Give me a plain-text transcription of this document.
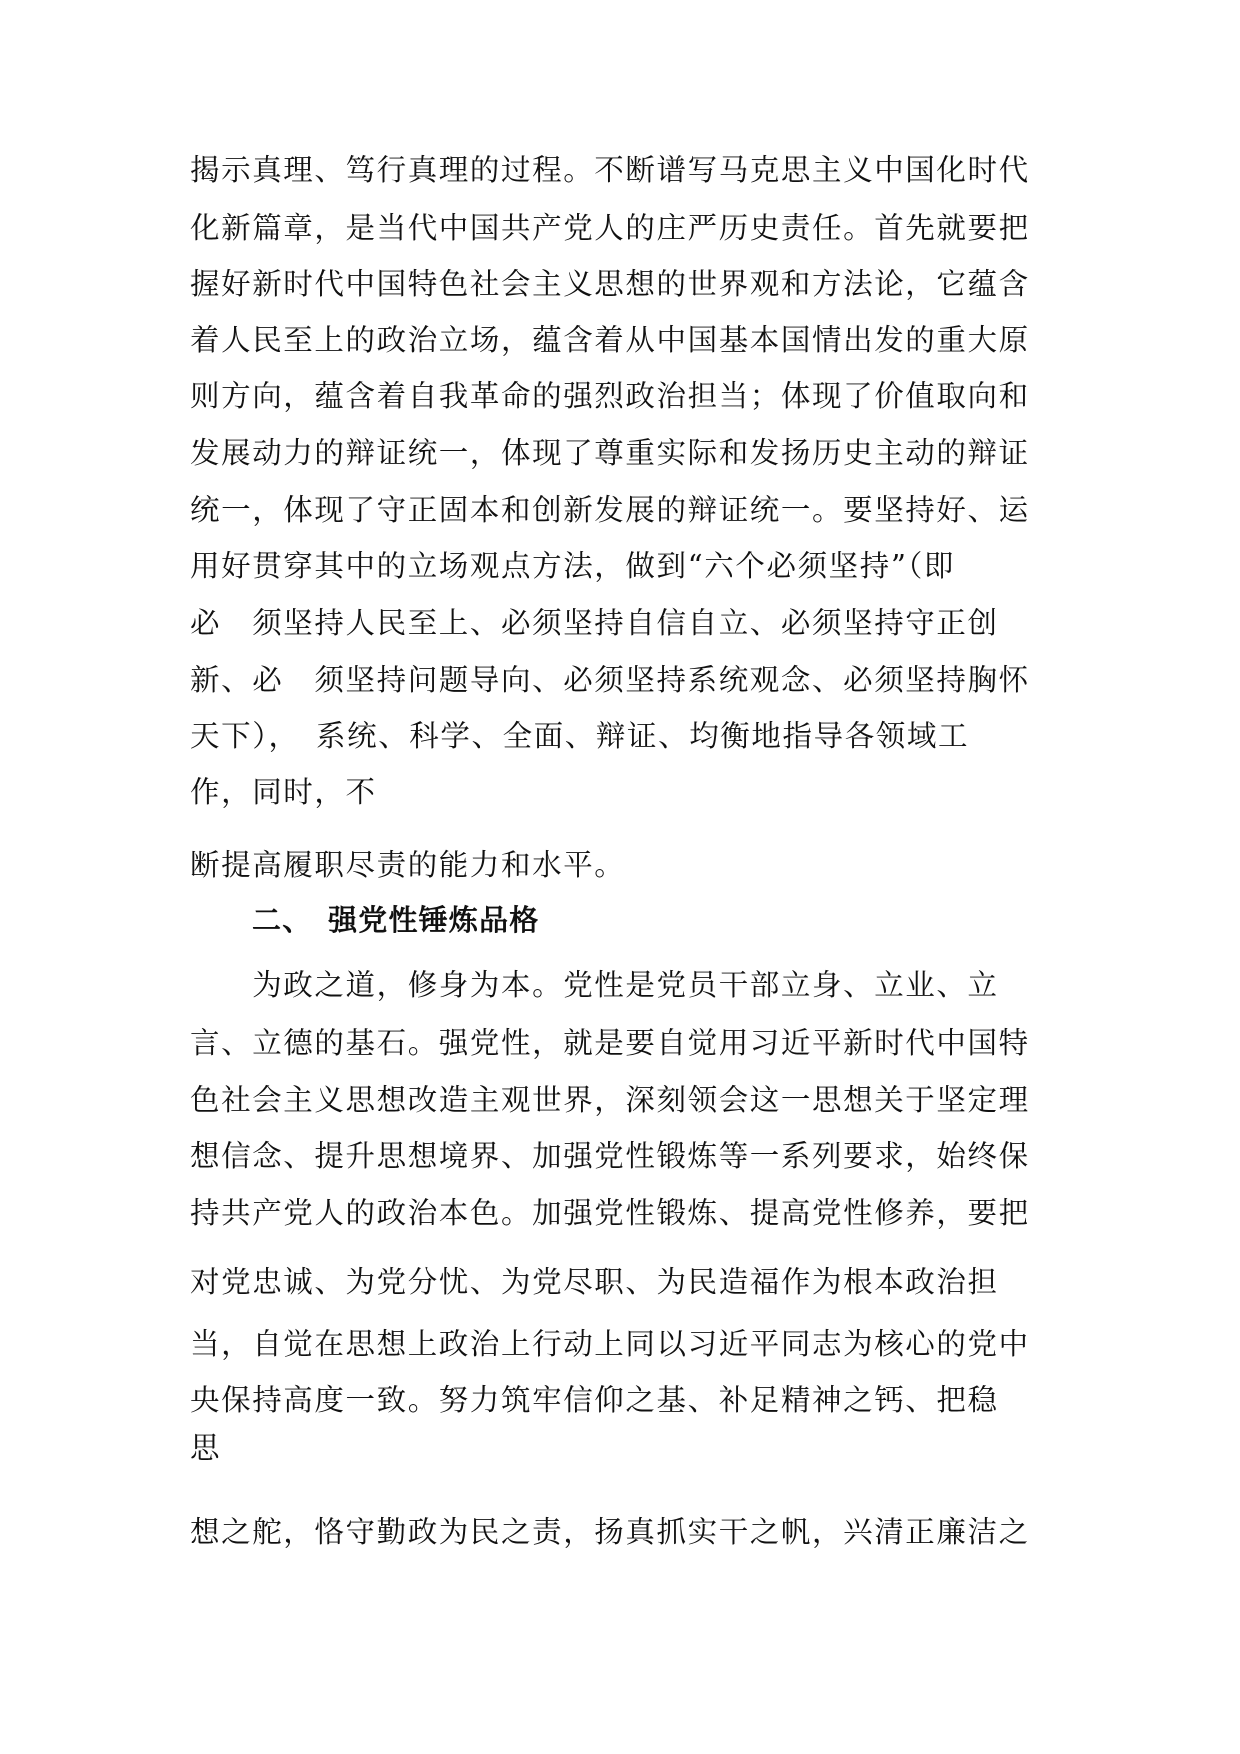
揭示真理、笃行真理的过程。不断谱写马克思主义中国化时代
化新篇章，是当代中国共产党人的庄严历史责任。首先就要把
握好新时代中国特色社会主义思想的世界观和方法论，它蕴含
着人民至上的政治立场，蕴含着从中国基本国情出发的重大原
则方向，蕴含着自我革命的强烈政治担当；体现了价值取向和
发展动力的辩证统一，体现了尊重实际和发扬历史主动的辩证
统一，体现了守正固本和创新发展的辩证统一。要坚持好、运
用好贯穿其中的立场观点方法，做到“六个必须坚持”（即
必　须坚持人民至上、必须坚持自信自立、必须坚持守正创
新、必　须坚持问题导向、必须坚持系统观念、必须坚持胸怀
天下），　系统、科学、全面、辩证、均衡地指导各领域工
作，同时，不
断提高履职尽责的能力和水平。
二、　强党性锤炼品格
　　为政之道，修身为本。党性是党员干部立身、立业、立
言、立德的基石。强党性，就是要自觉用习近平新时代中国特
色社会主义思想改造主观世界，深刻领会这一思想关于坚定理
想信念、提升思想境界、加强党性锻炼等一系列要求，始终保
持共产党人的政治本色。加强党性锻炼、提高党性修养，要把
对党忠诚、为党分忧、为党尽职、为民造福作为根本政治担
当，自觉在思想上政治上行动上同以习近平同志为核心的党中
央保持高度一致。努力筑牢信仰之基、补足精神之钙、把稳
思
想之舵，恪守勤政为民之责，扬真抓实干之帆，兴清正廉洁之
